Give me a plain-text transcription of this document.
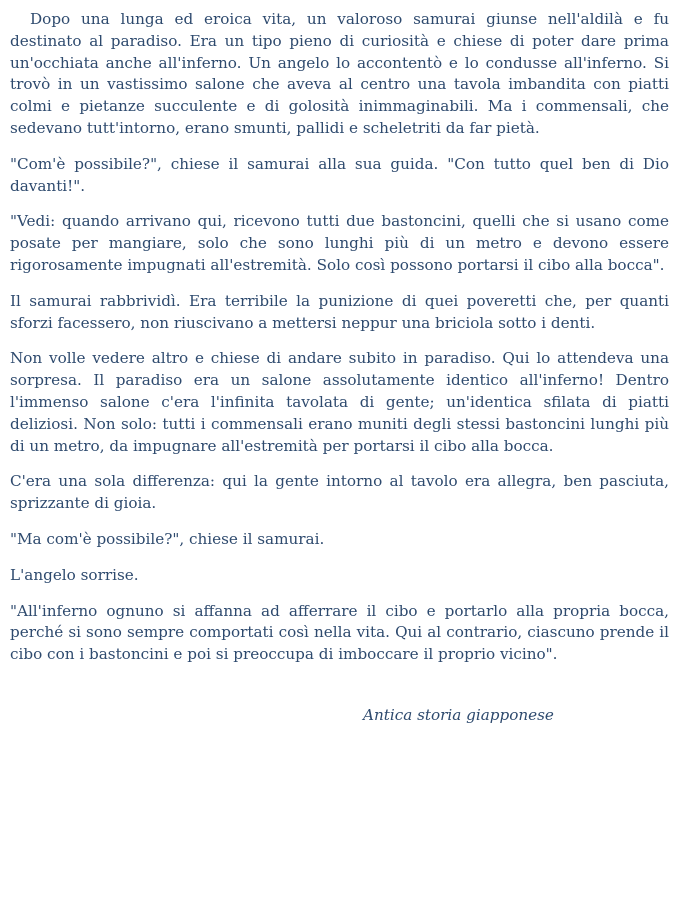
Dopo una lunga ed eroica vita, un valoroso samurai giunse nell'aldilà e fu destinato al paradiso. Era un tipo pieno di curiosità e chiese di poter dare prima un'occhiata anche all'inferno. Un angelo lo accontentò e lo condusse all'inferno. Si trovò in un vastissimo salone che aveva al centro una tavola imbandita con piatti colmi e pietanze succulente e di golosità inimmaginabili. Ma i commensali, che sedevano tutt'intorno, erano smunti, pallidi e scheletriti da far pietà.

"Com'è possibile?", chiese il samurai alla sua guida. "Con tutto quel ben di Dio davanti!".

"Vedi: quando arrivano qui, ricevono tutti due bastoncini, quelli che si usano come posate per mangiare, solo che sono lunghi più di un metro e devono essere rigorosamente impugnati all'estremità. Solo così possono portarsi il cibo alla bocca".

Il samurai rabbrividì. Era terribile la punizione di quei poveretti che, per quanti sforzi facessero, non riuscivano a mettersi neppur una briciola sotto i denti.

Non volle vedere altro e chiese di andare subito in paradiso. Qui lo attendeva una sorpresa. Il paradiso era un salone assolutamente identico all'inferno! Dentro l'immenso salone c'era l'infinita tavolata di gente; un'identica sfilata di piatti deliziosi. Non solo: tutti i commensali erano muniti degli stessi bastoncini lunghi più di un metro, da impugnare all'estremità per portarsi il cibo alla bocca.

C'era una sola differenza: qui la gente intorno al tavolo era allegra, ben pasciuta, sprizzante di gioia.

"Ma com'è possibile?", chiese il samurai.

L'angelo sorrise.

"All'inferno ognuno si affanna ad afferrare il cibo e portarlo alla propria bocca, perché si sono sempre comportati così nella vita. Qui al contrario, ciascuno prende il cibo con i bastoncini e poi si preoccupa di imboccare il proprio vicino".

Antica storia giapponese
